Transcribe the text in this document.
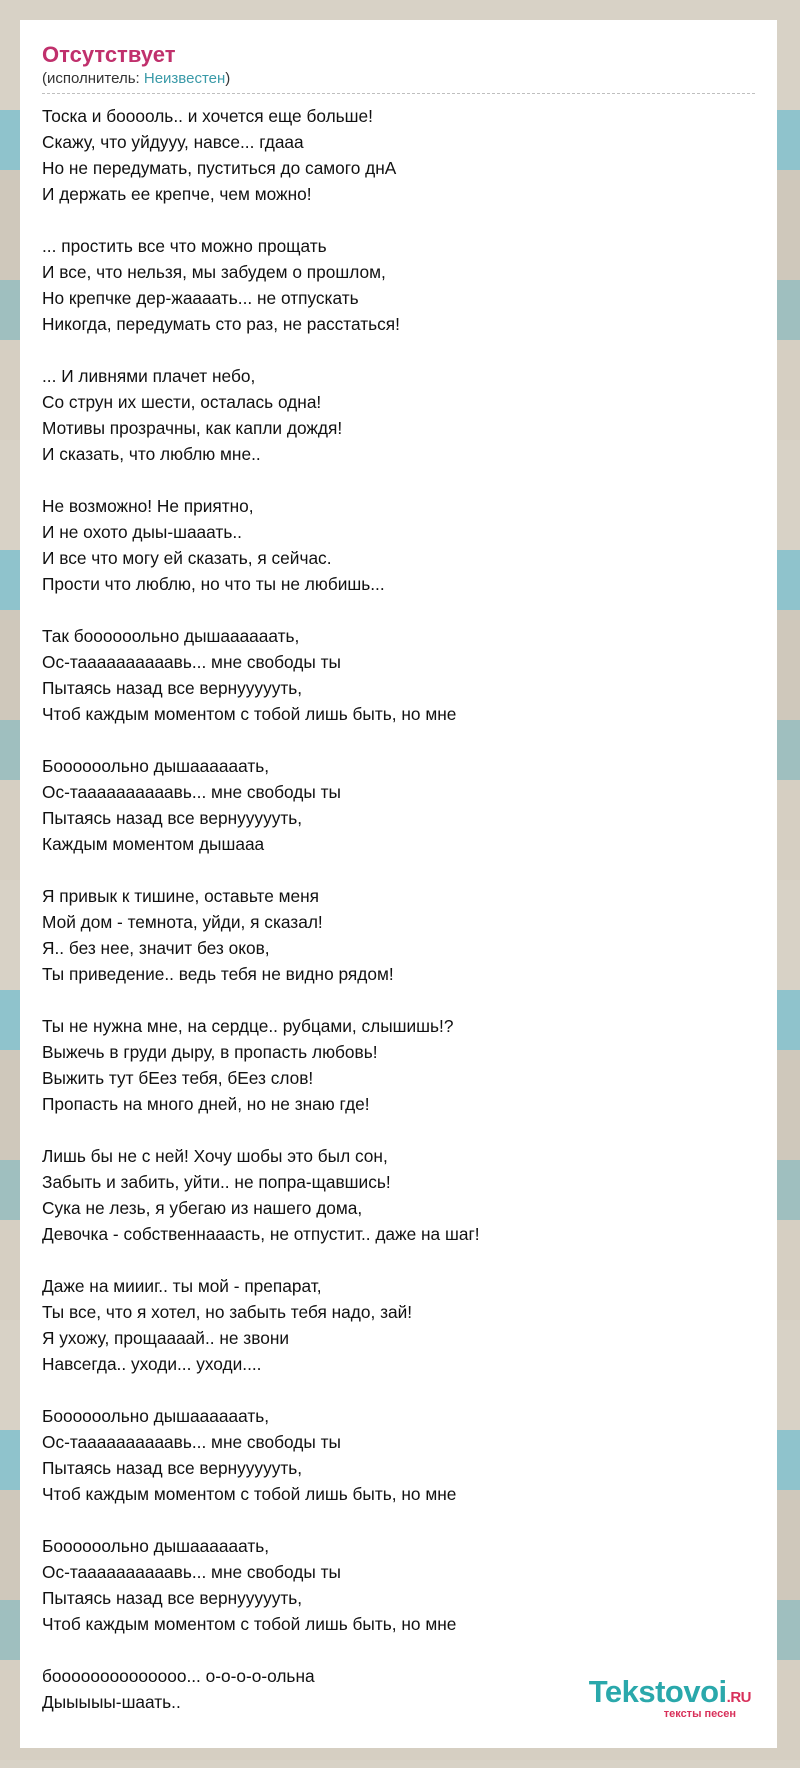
Отсутствует
(исполнитель: Неизвестен)
Тоска и бооооль.. и хочется еще больше!
Скажу, что уйдууу, навсе... гдааа
Но не передумать, пуститься до самого днА
И держать ее крепче, чем можно!
... простить все что можно прощать
И все, что нельзя, мы забудем о прошлом,
Но крепчке дер-жаааать... не отпускать
Никогда, передумать сто раз, не расстаться!
... И ливнями плачет небо,
Со струн их шести, осталась одна!
Мотивы прозрачны, как капли дождя!
И сказать, что люблю мне..
Не возможно! Не приятно,
И не охото дыы-шааать..
И все что могу ей сказать, я сейчас.
Прости что люблю, но что ты не любишь...
Так боооооольно дышаааааать,
Ос-таааааааааавь... мне свободы ты
Пытаясь назад все вернуууууть,
Чтоб каждым моментом с тобой лишь быть, но мне
Боооооольно дышаааааать,
Ос-таааааааааавь... мне свободы ты
Пытаясь назад все вернуууууть,
Каждым моментом дышааа
Я привык к тишине, оставьте меня
Мой дом - темнота, уйди, я сказал!
Я.. без нее, значит без оков,
Ты приведение.. ведь тебя не видно рядом!
Ты не нужна мне, на сердце.. рубцами, слышишь!?
Выжечь в груди дыру, в пропасть любовь!
Выжить тут бЕез тебя, бЕез слов!
Пропасть на много дней, но не знаю где!
Лишь бы не с ней! Хочу шобы это был сон,
Забыть и забить, уйти.. не попра-щавшись!
Сука не лезь, я убегаю из нашего дома,
Девочка - собственнааасть, не отпустит.. даже на шаг!
Даже на миииг.. ты мой - препарат,
Ты все, что я хотел, но забыть тебя надо, зай!
Я ухожу, прощаааай.. не звони
Навсегда.. уходи... уходи....
Боооооольно дышаааааать,
Ос-таааааааааавь... мне свободы ты
Пытаясь назад все вернуууууть,
Чтоб каждым моментом с тобой лишь быть, но мне
Боооооольно дышаааааать,
Ос-таааааааааавь... мне свободы ты
Пытаясь назад все вернуууууть,
Чтоб каждым моментом с тобой лишь быть, но мне
боооооооооооооо... о-о-о-о-ольна
Дыыыыы-шаать..	Tekstovoi.RU
тексты песен
